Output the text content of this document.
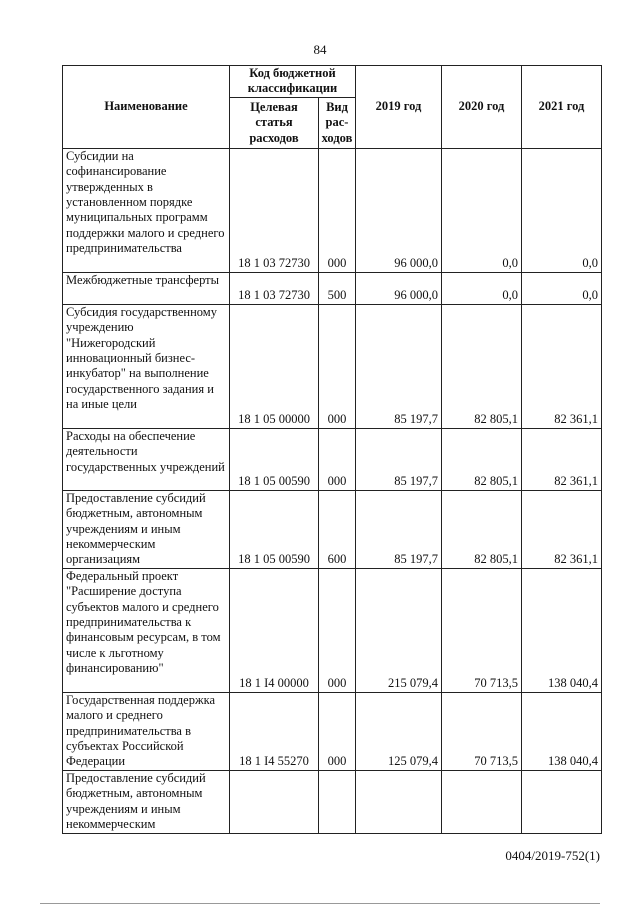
84
Наименование	Код бюджетной классификации		2019 год	2020 год	2021 год
	Целевая статья расходов	Вид рас-ходов			
Субсидии на софинансирование утвержденных в установленном порядке муниципальных программ поддержки малого и среднего предпринимательства	18 1 03 72730	000	96 000,0	0,0	0,0
Межбюджетные трансферты	18 1 03 72730	500	96 000,0	0,0	0,0
Субсидия государственному учреждению "Нижегородский инновационный бизнес-инкубатор" на выполнение государственного задания и на иные цели	18 1 05 00000	000	85 197,7	82 805,1	82 361,1
Расходы на обеспечение деятельности государственных учреждений	18 1 05 00590	000	85 197,7	82 805,1	82 361,1
Предоставление субсидий бюджетным, автономным учреждениям и иным некоммерческим организациям	18 1 05 00590	600	85 197,7	82 805,1	82 361,1
Федеральный проект "Расширение доступа субъектов малого и среднего предпринимательства к финансовым ресурсам, в том числе к льготному финансированию"	18 1 I4 00000	000	215 079,4	70 713,5	138 040,4
Государственная поддержка малого и среднего предпринимательства в субъектах Российской Федерации	18 1 I4 55270	000	125 079,4	70 713,5	138 040,4
Предоставление субсидий бюджетным, автономным учреждениям и иным некоммерческим					
0404/2019-752(1)
